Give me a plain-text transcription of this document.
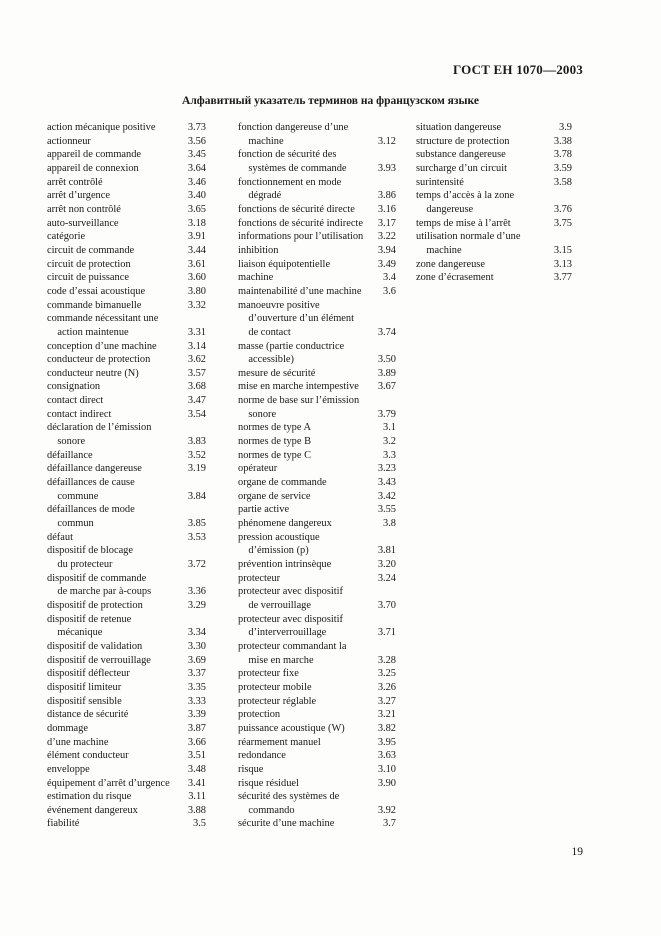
ГОСТ ЕН 1070—2003
Алфавитный указатель терминов на французском языке
action mécanique positive	3.73
actionneur	3.56
appareil de commande	3.45
appareil de connexion	3.64
arrêt contrôlé	3.46
arrêt d’urgence	3.40
arrêt non contrôlé	3.65
auto-surveillance	3.18
catégorie	3.91
circuit de commande	3.44
circuit de protection	3.61
circuit de puissance	3.60
code d’essai acoustique	3.80
commande bimanuelle	3.32
commande nécessitant une
action maintenue	3.31
conception d’une machine	3.14
conducteur de protection	3.62
conducteur neutre (N)	3.57
consignation	3.68
contact direct	3.47
contact indirect	3.54
déclaration de l’émission
sonore	3.83
défaillance	3.52
défaillance dangereuse	3.19
défaillances de cause
commune	3.84
défaillances de mode
commun	3.85
défaut	3.53
dispositif de blocage
du protecteur	3.72
dispositif de commande
de marche par à-coups	3.36
dispositif de protection	3.29
dispositif de retenue
mécanique	3.34
dispositif de validation	3.30
dispositif de verrouillage	3.69
dispositif déflecteur	3.37
dispositif limiteur	3.35
dispositif sensible	3.33
distance de sécurité	3.39
dommage	3.87
d’une machine	3.66
élément conducteur	3.51
enveloppe	3.48
équipement d’arrêt d’urgence	3.41
estimation du risque	3.11
événement dangereux	3.88
fiabilité	3.5
fonction dangereuse d’une
machine	3.12
fonction de sécurité des
systèmes de commande	3.93
fonctionnement en mode
dégradé	3.86
fonctions de sécurité directe	3.16
fonctions de sécurité indirecte	3.17
informations pour l’utilisation	3.22
inhibition	3.94
liaison équipotentielle	3.49
machine	3.4
maintenabilité d’une machine	3.6
manoeuvre positive
d’ouverture d’un élément
de contact	3.74
masse (partie conductrice
accessible)	3.50
mesure de sécurité	3.89
mise en marche intempestive	3.67
norme de base sur l’émission
sonore	3.79
normes de type A	3.1
normes de type B	3.2
normes de type C	3.3
opérateur	3.23
organe de commande	3.43
organe de service	3.42
partie active	3.55
phénomene dangereux	3.8
pression acoustique
d’émission (p)	3.81
prévention intrinsèque	3.20
protecteur	3.24
protecteur avec dispositif
de verrouillage	3.70
protecteur avec dispositif
d’interverrouillage	3.71
protecteur commandant la
mise en marche	3.28
protecteur fixe	3.25
protecteur mobile	3.26
protecteur réglable	3.27
protection	3.21
puissance acoustique (W)	3.82
réarmement manuel	3.95
redondance	3.63
risque	3.10
risque résiduel	3.90
sécurité des systèmes de
commando	3.92
sécurite d’une machine	3.7
situation dangereuse	3.9
structure de protection	3.38
substance dangereuse	3.78
surcharge d’un circuit	3.59
surintensité	3.58
temps d’accès à la zone
dangereuse	3.76
temps de mise à l’arrêt	3.75
utilisation normale d’une
machine	3.15
zone dangereuse	3.13
zone d’écrasement	3.77
19
